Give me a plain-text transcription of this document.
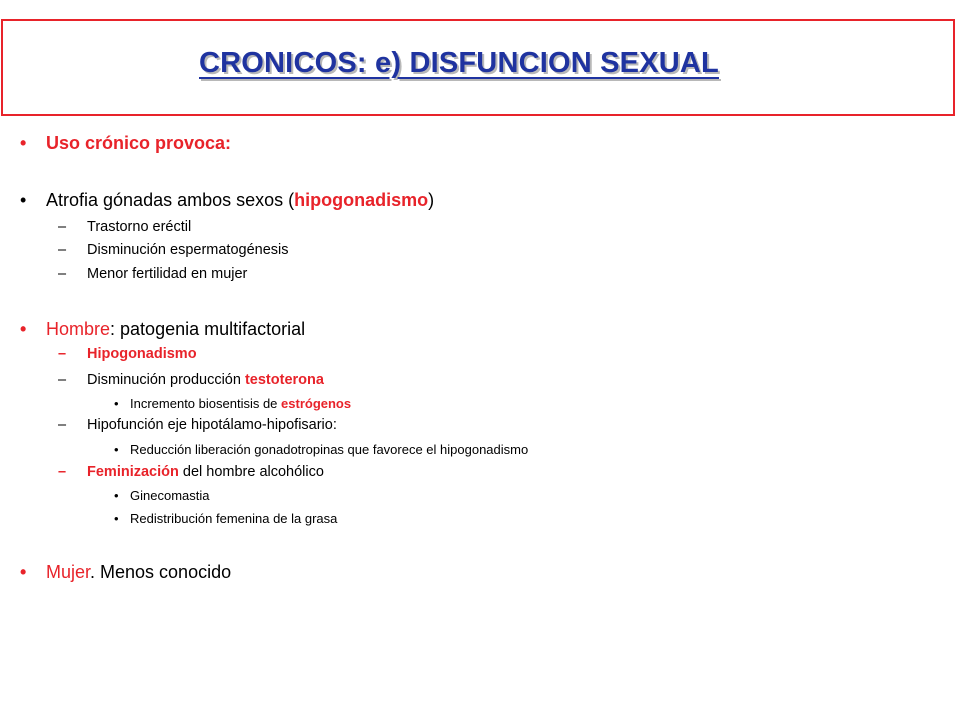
CRONICOS: e) DISFUNCION SEXUAL
• Uso crónico provoca:
• Atrofia gónadas ambos sexos (hipogonadismo)
– Trastorno eréctil
– Disminución espermatogénesis
– Menor fertilidad en mujer
• Hombre: patogenia multifactorial
– Hipogonadismo
– Disminución producción testoterona
• Incremento biosentisis de estrógenos
– Hipofunción eje hipotálamo-hipofisario:
• Reducción liberación gonadotropinas que favorece el hipogonadismo
– Feminización del hombre alcohólico
• Ginecomastia
• Redistribución femenina de la grasa
• Mujer. Menos conocido
